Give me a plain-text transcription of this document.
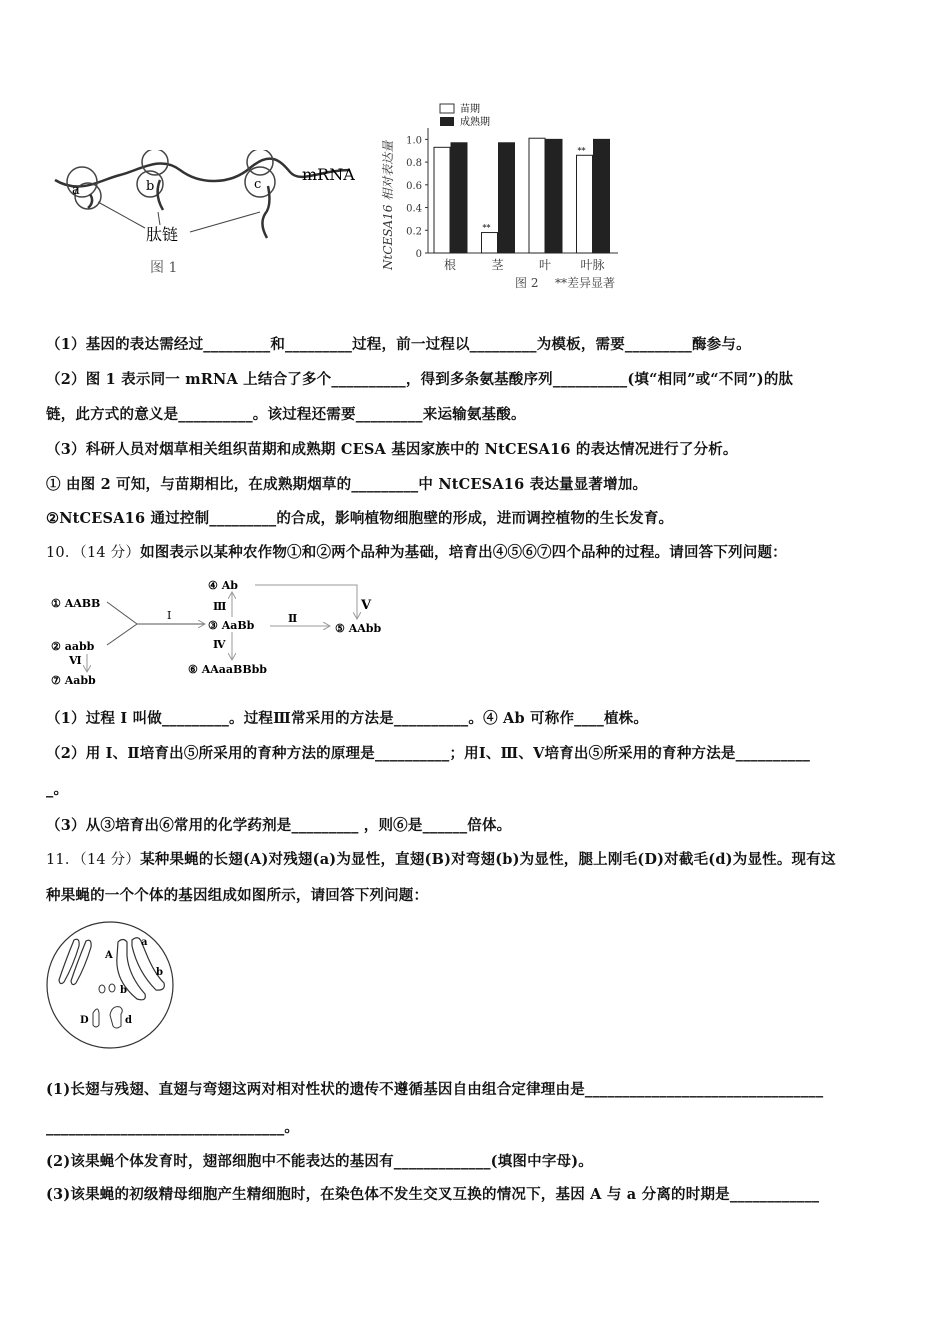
a	b	c
mRNA
肽链
图 1	NtCESA16 相对表达量
苗期
成熟期
0
0.2
0.4
0.6
0.8
1.0
根
**
茎	叶
**
叶脉
图 2 **差异显著
（1）基因的表达需经过_________和_________过程，前一过程以_________为模板，需要_________酶参与。
（2）图 1 表示同一 mRNA 上结合了多个__________，得到多条氨基酸序列__________(填“相同”或“不同”)的肽
链，此方式的意义是__________。该过程还需要_________来运输氨基酸。
（3）科研人员对烟草相关组织苗期和成熟期 CESA 基因家族中的 NtCESA16 的表达情况进行了分析。
① 由图 2 可知，与苗期相比，在成熟期烟草的_________中 NtCESA16 表达量显著增加。
②NtCESA16 通过控制_________的合成，影响植物细胞壁的形成，进而调控植物的生长发育。
10．（14 分）如图表示以某种农作物①和②两个品种为基础，培育出④⑤⑥⑦四个品种的过程。请回答下列问题：
① AABB
② aabb
⑦ Aabb
④ Ab
③ AaBb	⑤ AAbb
⑥ AAaaBBbb
I	Ⅱ
Ⅲ
Ⅳ
Ⅴ
Ⅵ
（1）过程 I 叫做_________。过程Ⅲ常采用的方法是__________。④ Ab 可称作____植株。
（2）用 I、Ⅱ培育出⑤所采用的育种方法的原理是__________；用Ⅰ、Ⅲ、Ⅴ培育出⑤所采用的育种方法是__________
_。
（3）从③培育出⑥常用的化学药剂是_________ ，则⑥是______倍体。
11．（14 分）某种果蝇的长翅(A)对残翅(a)为显性，直翅(B)对弯翅(b)为显性，腿上刚毛(D)对截毛(d)为显性。现有这
种果蝇的一个个体的基因组成如图所示，请回答下列问题：
A
a
b
b
D	d
(1)长翅与残翅、直翅与弯翅这两对相对性状的遗传不遵循基因自由组合定律理由是________________________________
________________________________。
(2)该果蝇个体发育时，翅部细胞中不能表达的基因有_____________(填图中字母)。
(3)该果蝇的初级精母细胞产生精细胞时，在染色体不发生交叉互换的情况下，基因 A 与 a 分离的时期是____________
